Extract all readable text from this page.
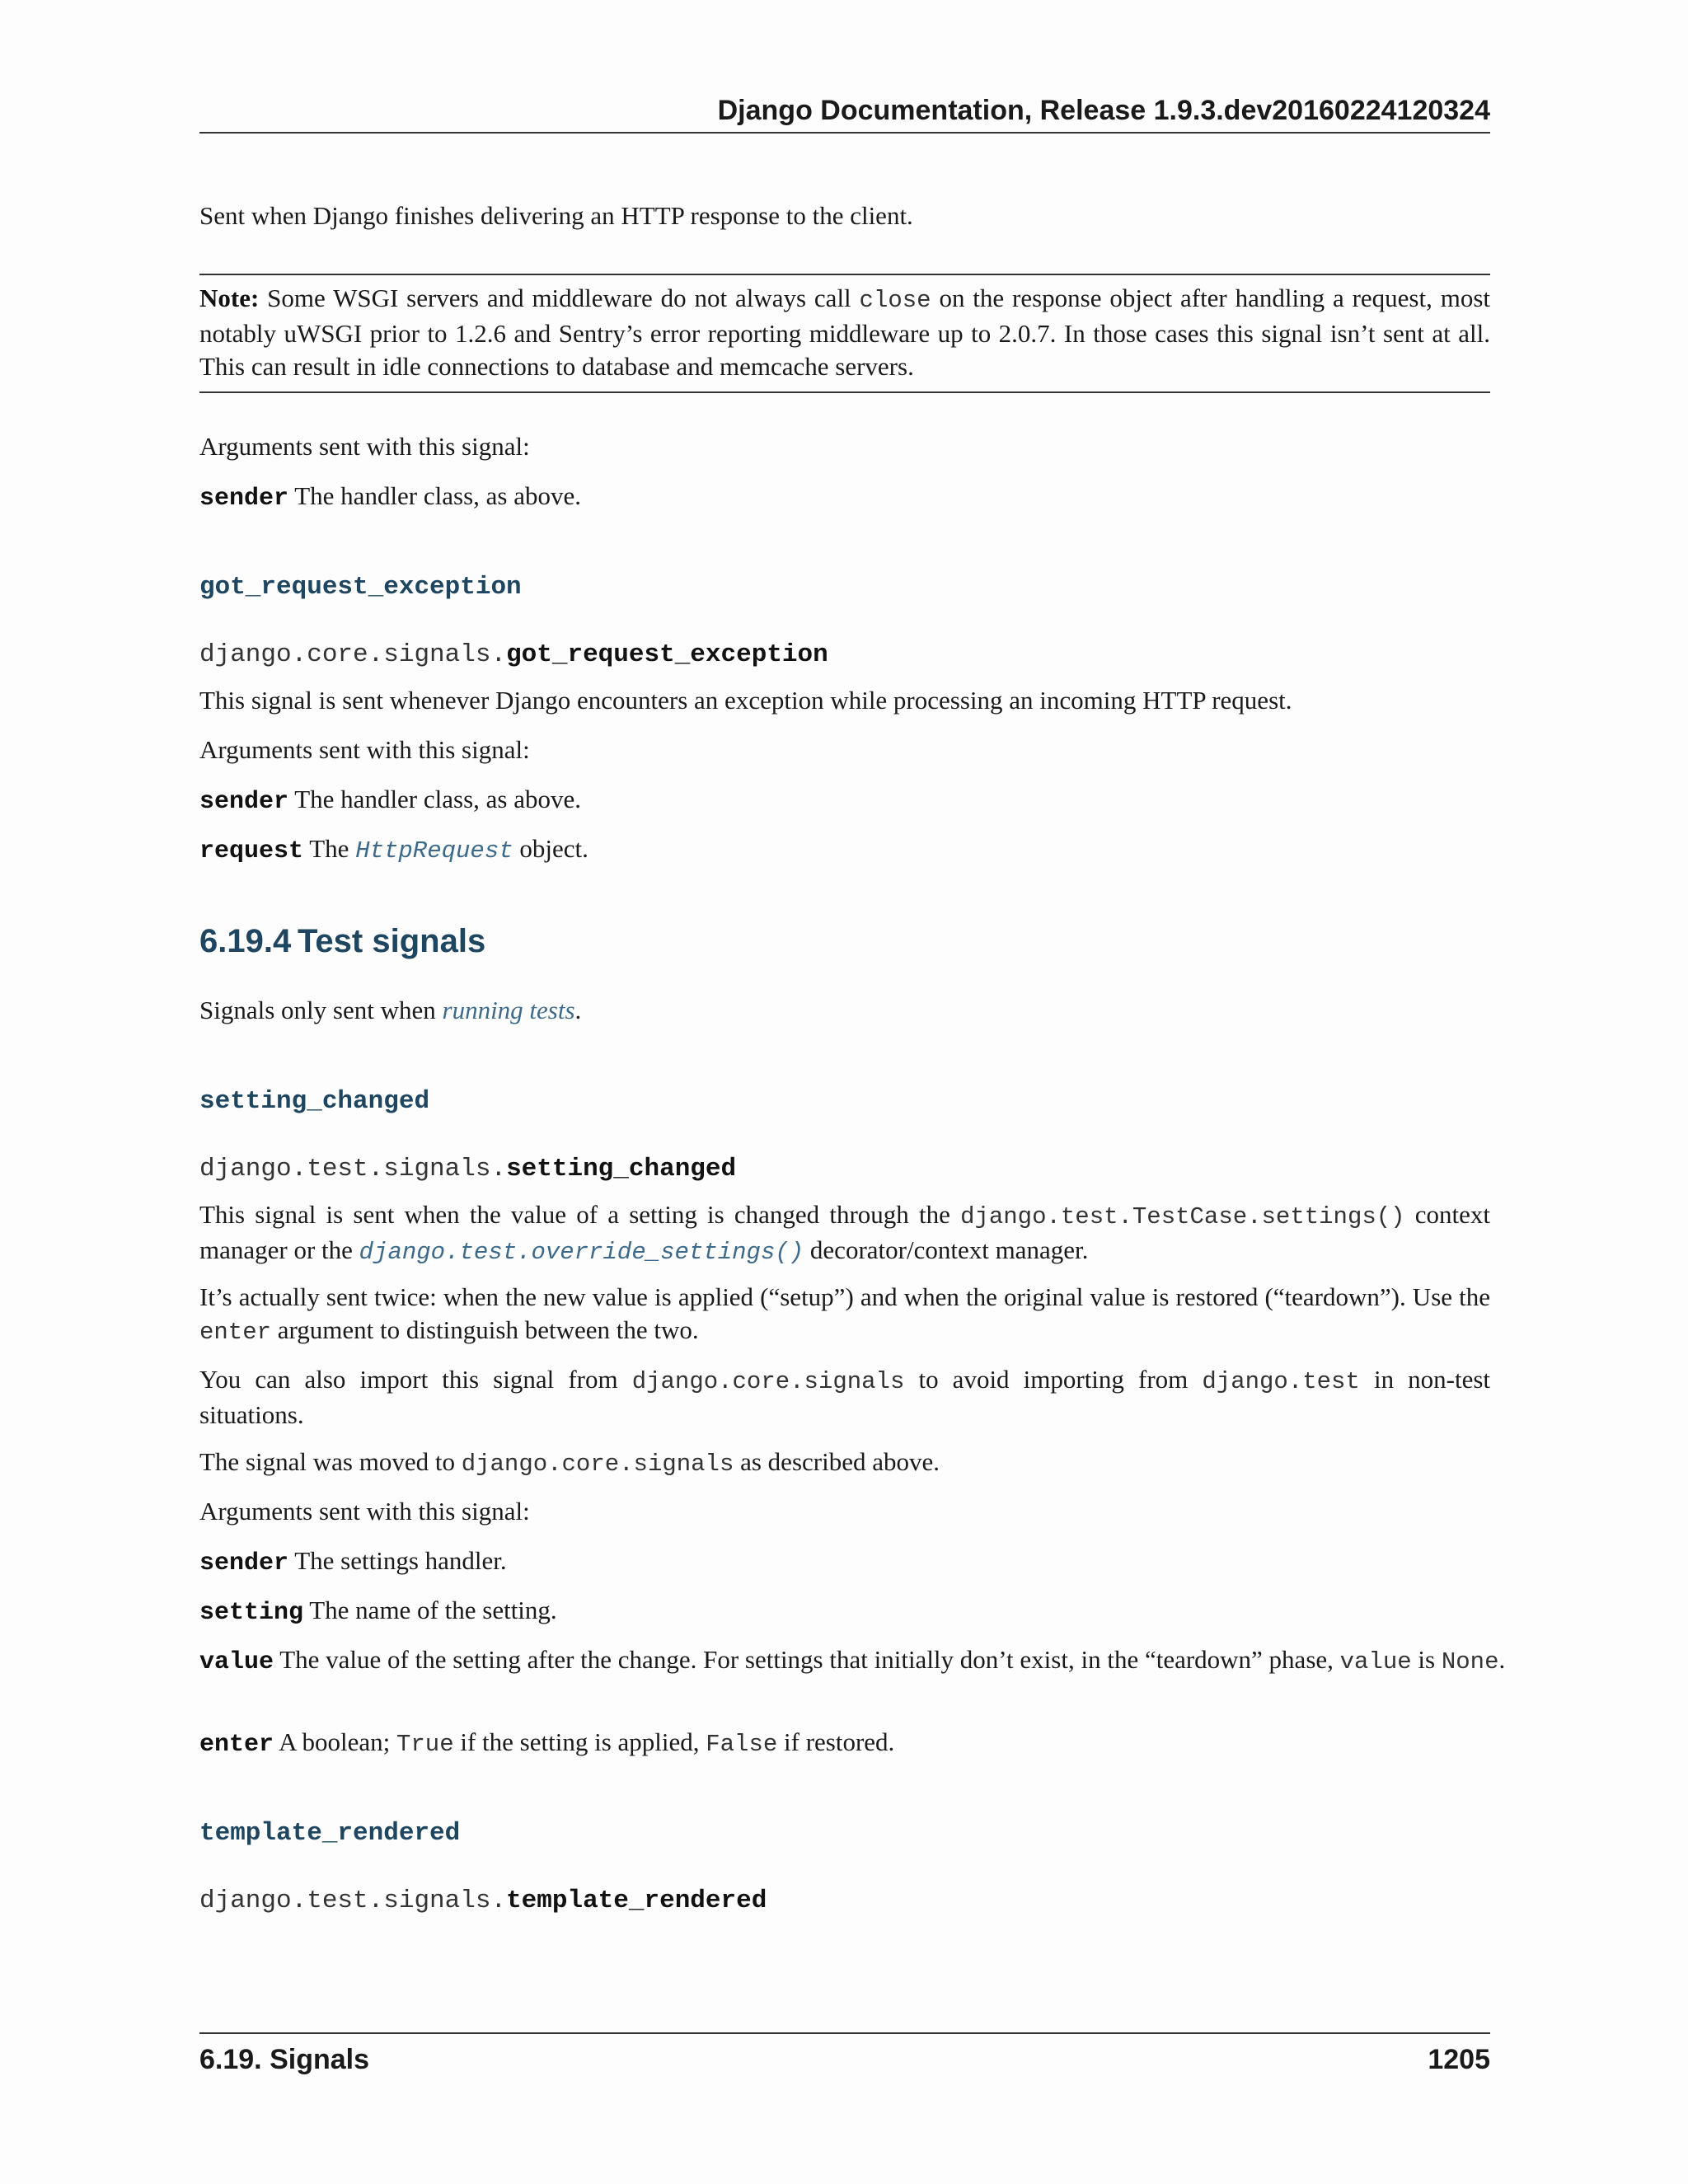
Django Documentation, Release 1.9.3.dev20160224120324
Sent when Django finishes delivering an HTTP response to the client.
Note: Some WSGI servers and middleware do not always call close on the response object after handling a request, most notably uWSGI prior to 1.2.6 and Sentry’s error reporting middleware up to 2.0.7. In those cases this signal isn’t sent at all. This can result in idle connections to database and memcache servers.
Arguments sent with this signal:
sender The handler class, as above.
got_request_exception
django.core.signals.got_request_exception
This signal is sent whenever Django encounters an exception while processing an incoming HTTP request.
Arguments sent with this signal:
sender The handler class, as above.
request The HttpRequest object.
6.19.4 Test signals
Signals only sent when running tests.
setting_changed
django.test.signals.setting_changed
This signal is sent when the value of a setting is changed through the django.test.TestCase.settings() context manager or the django.test.override_settings() decorator/context manager.
It’s actually sent twice: when the new value is applied (“setup”) and when the original value is restored (“teardown”). Use the enter argument to distinguish between the two.
You can also import this signal from django.core.signals to avoid importing from django.test in non-test situations.
The signal was moved to django.core.signals as described above.
Arguments sent with this signal:
sender The settings handler.
setting The name of the setting.
value The value of the setting after the change. For settings that initially don’t exist, in the “teardown” phase, value is None.
enter A boolean; True if the setting is applied, False if restored.
template_rendered
django.test.signals.template_rendered
6.19. Signals	1205
